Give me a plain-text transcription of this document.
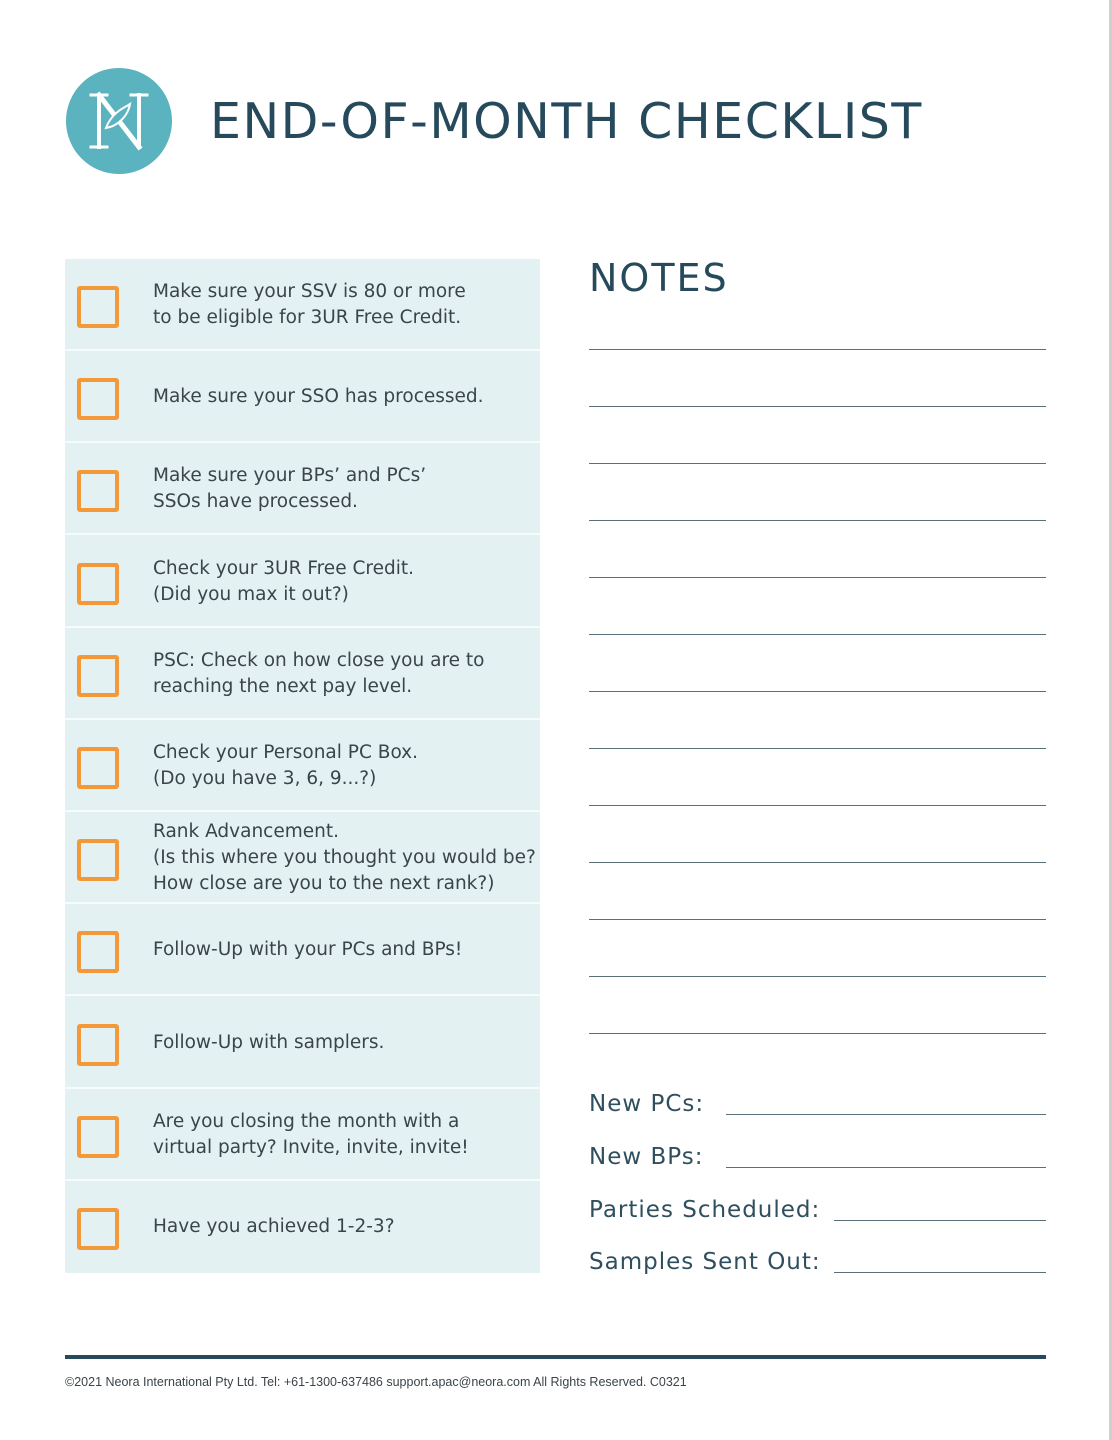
END-OF-MONTH CHECKLIST
Make sure your SSV is 80 or more
to be eligible for 3UR Free Credit.
Make sure your SSO has processed.
Make sure your BPs’ and PCs’
SSOs have processed.
Check your 3UR Free Credit.
(Did you max it out?)
PSC: Check on how close you are to
reaching the next pay level.
Check your Personal PC Box.
(Do you have 3, 6, 9...?)
Rank Advancement.
(Is this where you thought you would be?
How close are you to the next rank?)
Follow-Up with your PCs and BPs!
Follow-Up with samplers.
Are you closing the month with a
virtual party? Invite, invite, invite!
Have you achieved 1-2-3?
NOTES
New PCs:
New BPs:
Parties Scheduled:
Samples Sent Out:
©2021 Neora International Pty Ltd. Tel: +61-1300-637486 support.apac@neora.com All Rights Reserved. C0321
